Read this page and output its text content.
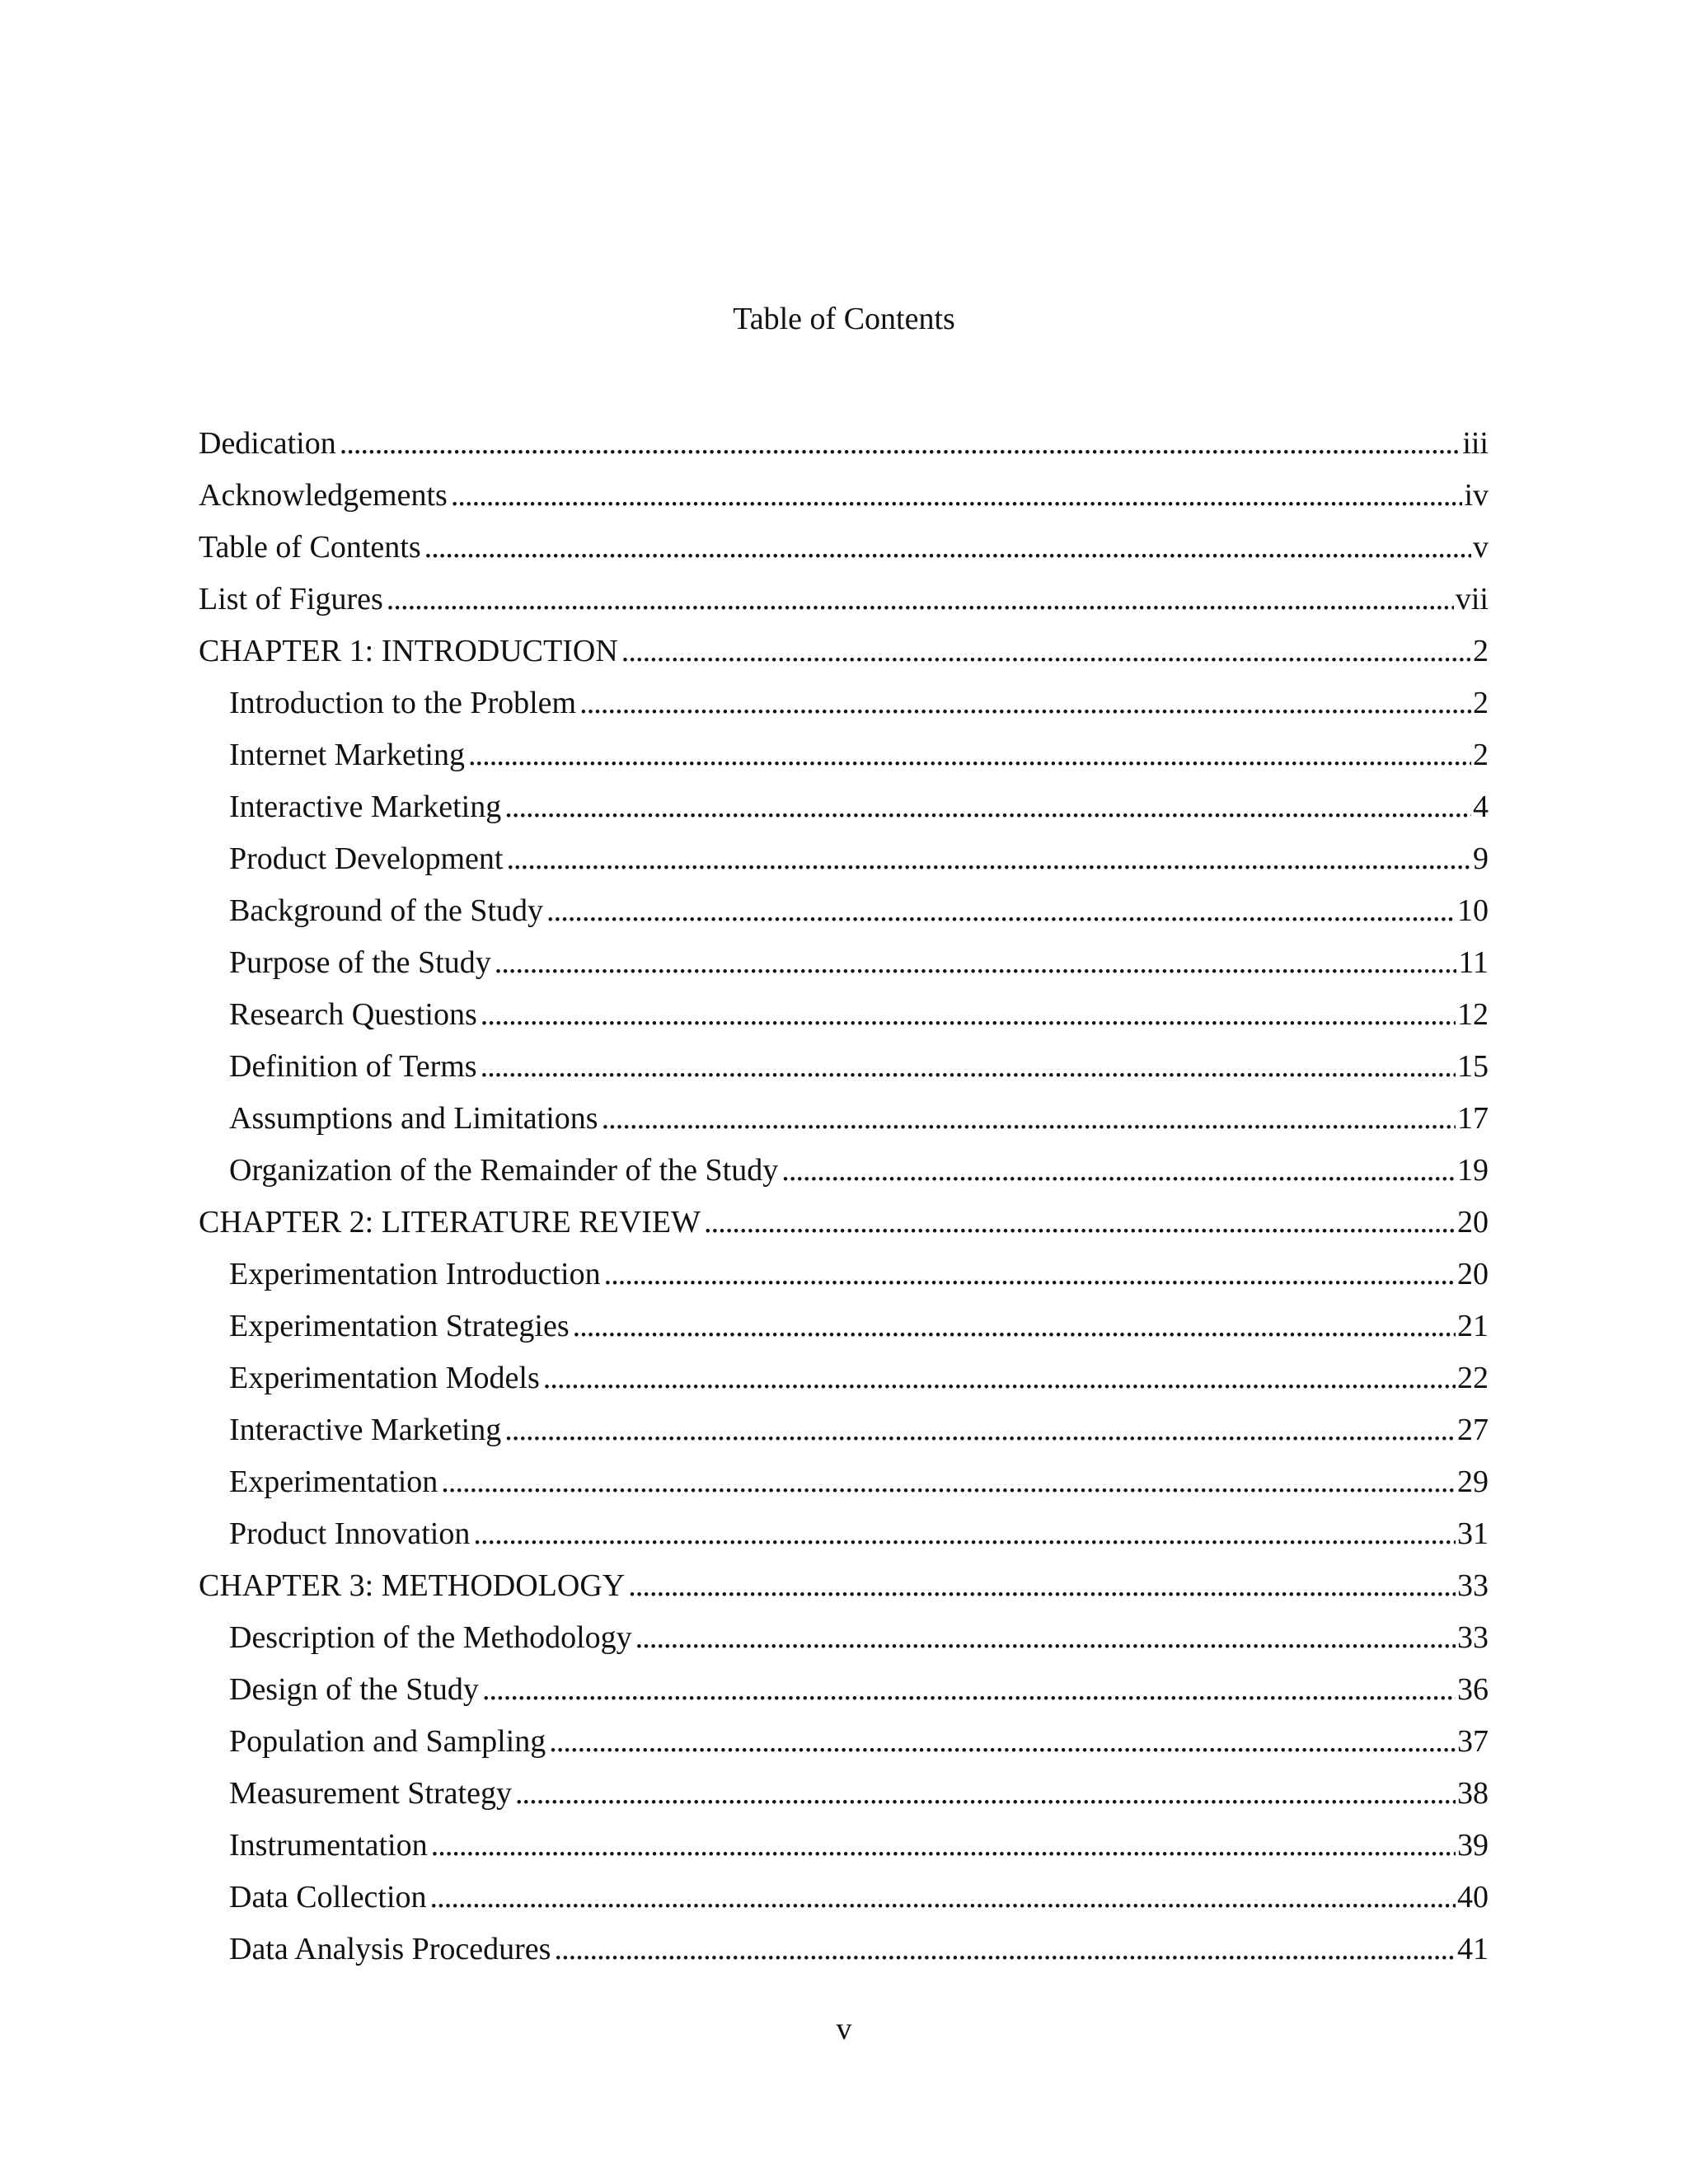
Table of Contents
Dedication . . .	iii
Acknowledgements . . .	iv
Table of Contents . . .	v
List of Figures . . .	vii
CHAPTER 1: INTRODUCTION . . .	2
Introduction to the Problem . . .	2
Internet Marketing . . .	2
Interactive Marketing . . .	4
Product Development . . .	9
Background of the Study . . .	10
Purpose of the Study . . .	11
Research Questions . . .	12
Definition of Terms . . .	15
Assumptions and Limitations . . .	17
Organization of the Remainder of the Study . . .	19
CHAPTER 2: LITERATURE REVIEW . . .	20
Experimentation Introduction . . .	20
Experimentation Strategies . . .	21
Experimentation Models . . .	22
Interactive Marketing . . .	27
Experimentation . . .	29
Product Innovation . . .	31
CHAPTER 3: METHODOLOGY . . .	33
Description of the Methodology . . .	33
Design of the Study . . .	36
Population and Sampling . . .	37
Measurement Strategy . . .	38
Instrumentation . . .	39
Data Collection . . .	40
Data Analysis Procedures . . .	41
v
